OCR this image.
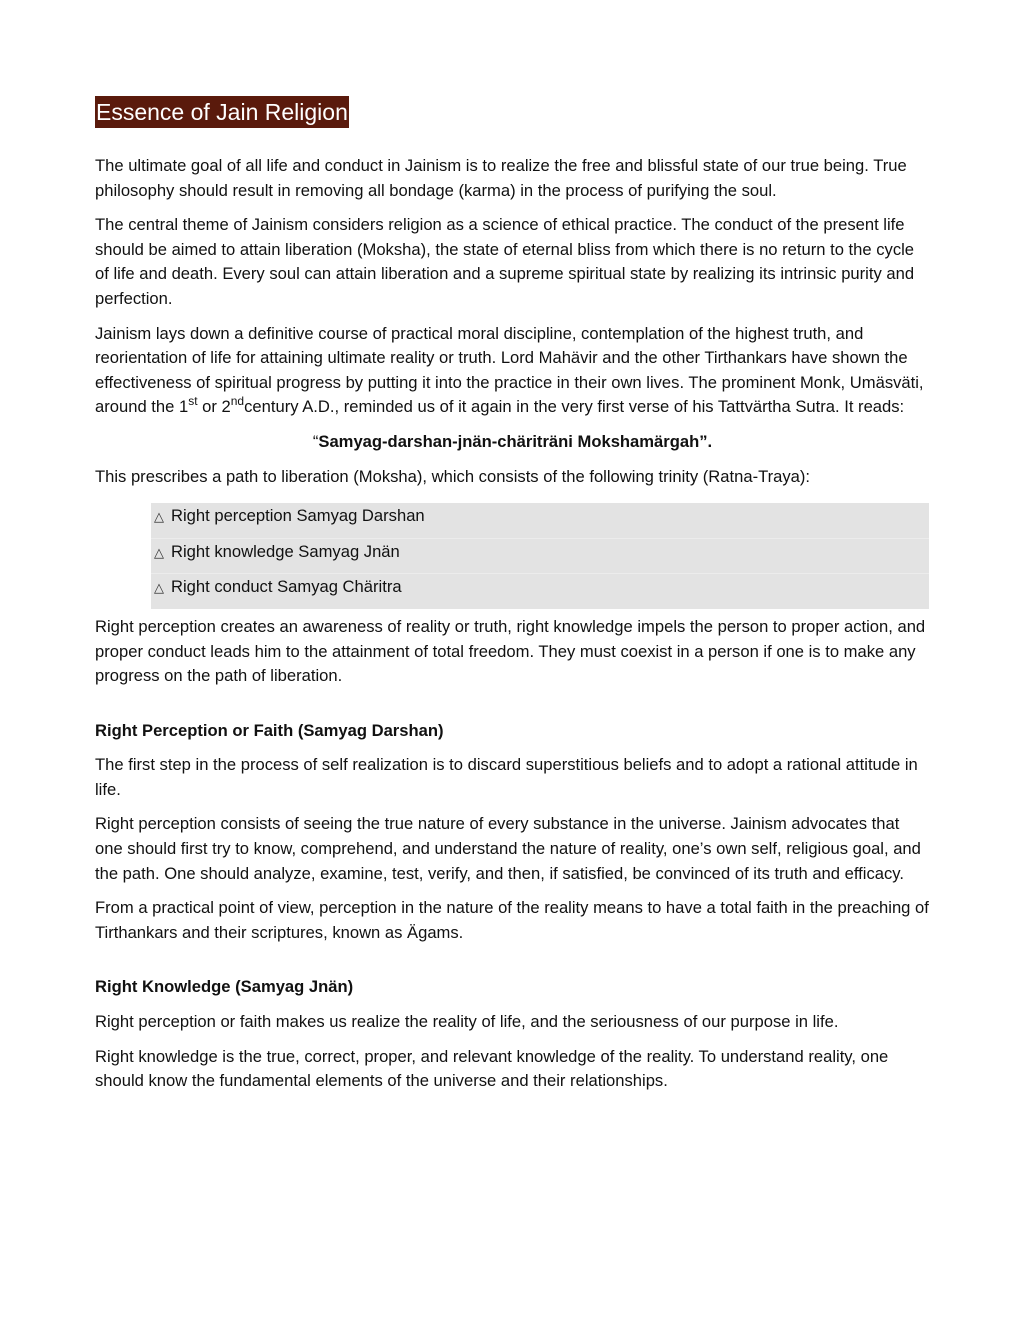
Essence of Jain Religion

The ultimate goal of all life and conduct in Jainism is to realize the free and blissful state of our true being. True philosophy should result in removing all bondage (karma) in the process of purifying the soul.

The central theme of Jainism considers religion as a science of ethical practice. The conduct of the present life should be aimed to attain liberation (Moksha), the state of eternal bliss from which there is no return to the cycle of life and death. Every soul can attain liberation and a supreme spiritual state by realizing its intrinsic purity and perfection.

Jainism lays down a definitive course of practical moral discipline, contemplation of the highest truth, and reorientation of life for attaining ultimate reality or truth. Lord Mahävir and the other Tirthankars have shown the effectiveness of spiritual progress by putting it into the practice in their own lives. The prominent Monk, Umäsväti, around the 1st or 2ndcentury A.D., reminded us of it again in the very first verse of his Tattvärtha Sutra. It reads:

“Samyag-darshan-jnän-chäriträni Mokshamärgah”.

This prescribes a path to liberation (Moksha), which consists of the following trinity (Ratna-Traya):

△ Right perception Samyag Darshan
△ Right knowledge Samyag Jnän
△ Right conduct Samyag Chäritra

Right perception creates an awareness of reality or truth, right knowledge impels the person to proper action, and proper conduct leads him to the attainment of total freedom. They must coexist in a person if one is to make any progress on the path of liberation.

Right Perception or Faith (Samyag Darshan)

The first step in the process of self realization is to discard superstitious beliefs and to adopt a rational attitude in life.

Right perception consists of seeing the true nature of every substance in the universe. Jainism advocates that one should first try to know, comprehend, and understand the nature of reality, one’s own self, religious goal, and the path. One should analyze, examine, test, verify, and then, if satisfied, be convinced of its truth and efficacy.

From a practical point of view, perception in the nature of the reality means to have a total faith in the preaching of Tirthankars and their scriptures, known as Ägams.

Right Knowledge (Samyag Jnän)

Right perception or faith makes us realize the reality of life, and the seriousness of our purpose in life.

Right knowledge is the true, correct, proper, and relevant knowledge of the reality. To understand reality, one should know the fundamental elements of the universe and their relationships.
